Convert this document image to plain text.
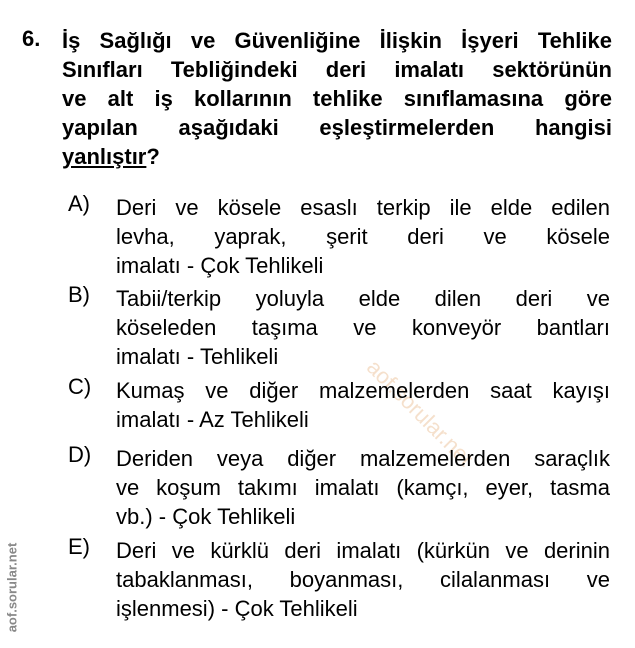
aof.sorular.net
aof.sorular.net
6. İş Sağlığı ve Güvenliğine İlişkin İşyeri Tehlike
Sınıfları Tebliğindeki deri imalatı sektörünün
ve alt iş kollarının tehlike sınıflamasına göre
yapılan aşağıdaki eşleştirmelerden hangisi
yanlıştır?
A) Deri ve kösele esaslı terkip ile elde edilen
levha, yaprak, şerit deri ve kösele
imalatı - Çok Tehlikeli
B) Tabii/terkip yoluyla elde dilen deri ve
köseleden taşıma ve konveyör bantları
imalatı - Tehlikeli
C) Kumaş ve diğer malzemelerden saat kayışı
imalatı - Az Tehlikeli
D) Deriden veya diğer malzemelerden saraçlık
ve koşum takımı imalatı (kamçı, eyer, tasma
vb.) - Çok Tehlikeli
E) Deri ve kürklü deri imalatı (kürkün ve derinin
tabaklanması, boyanması, cilalanması ve
işlenmesi) - Çok Tehlikeli
